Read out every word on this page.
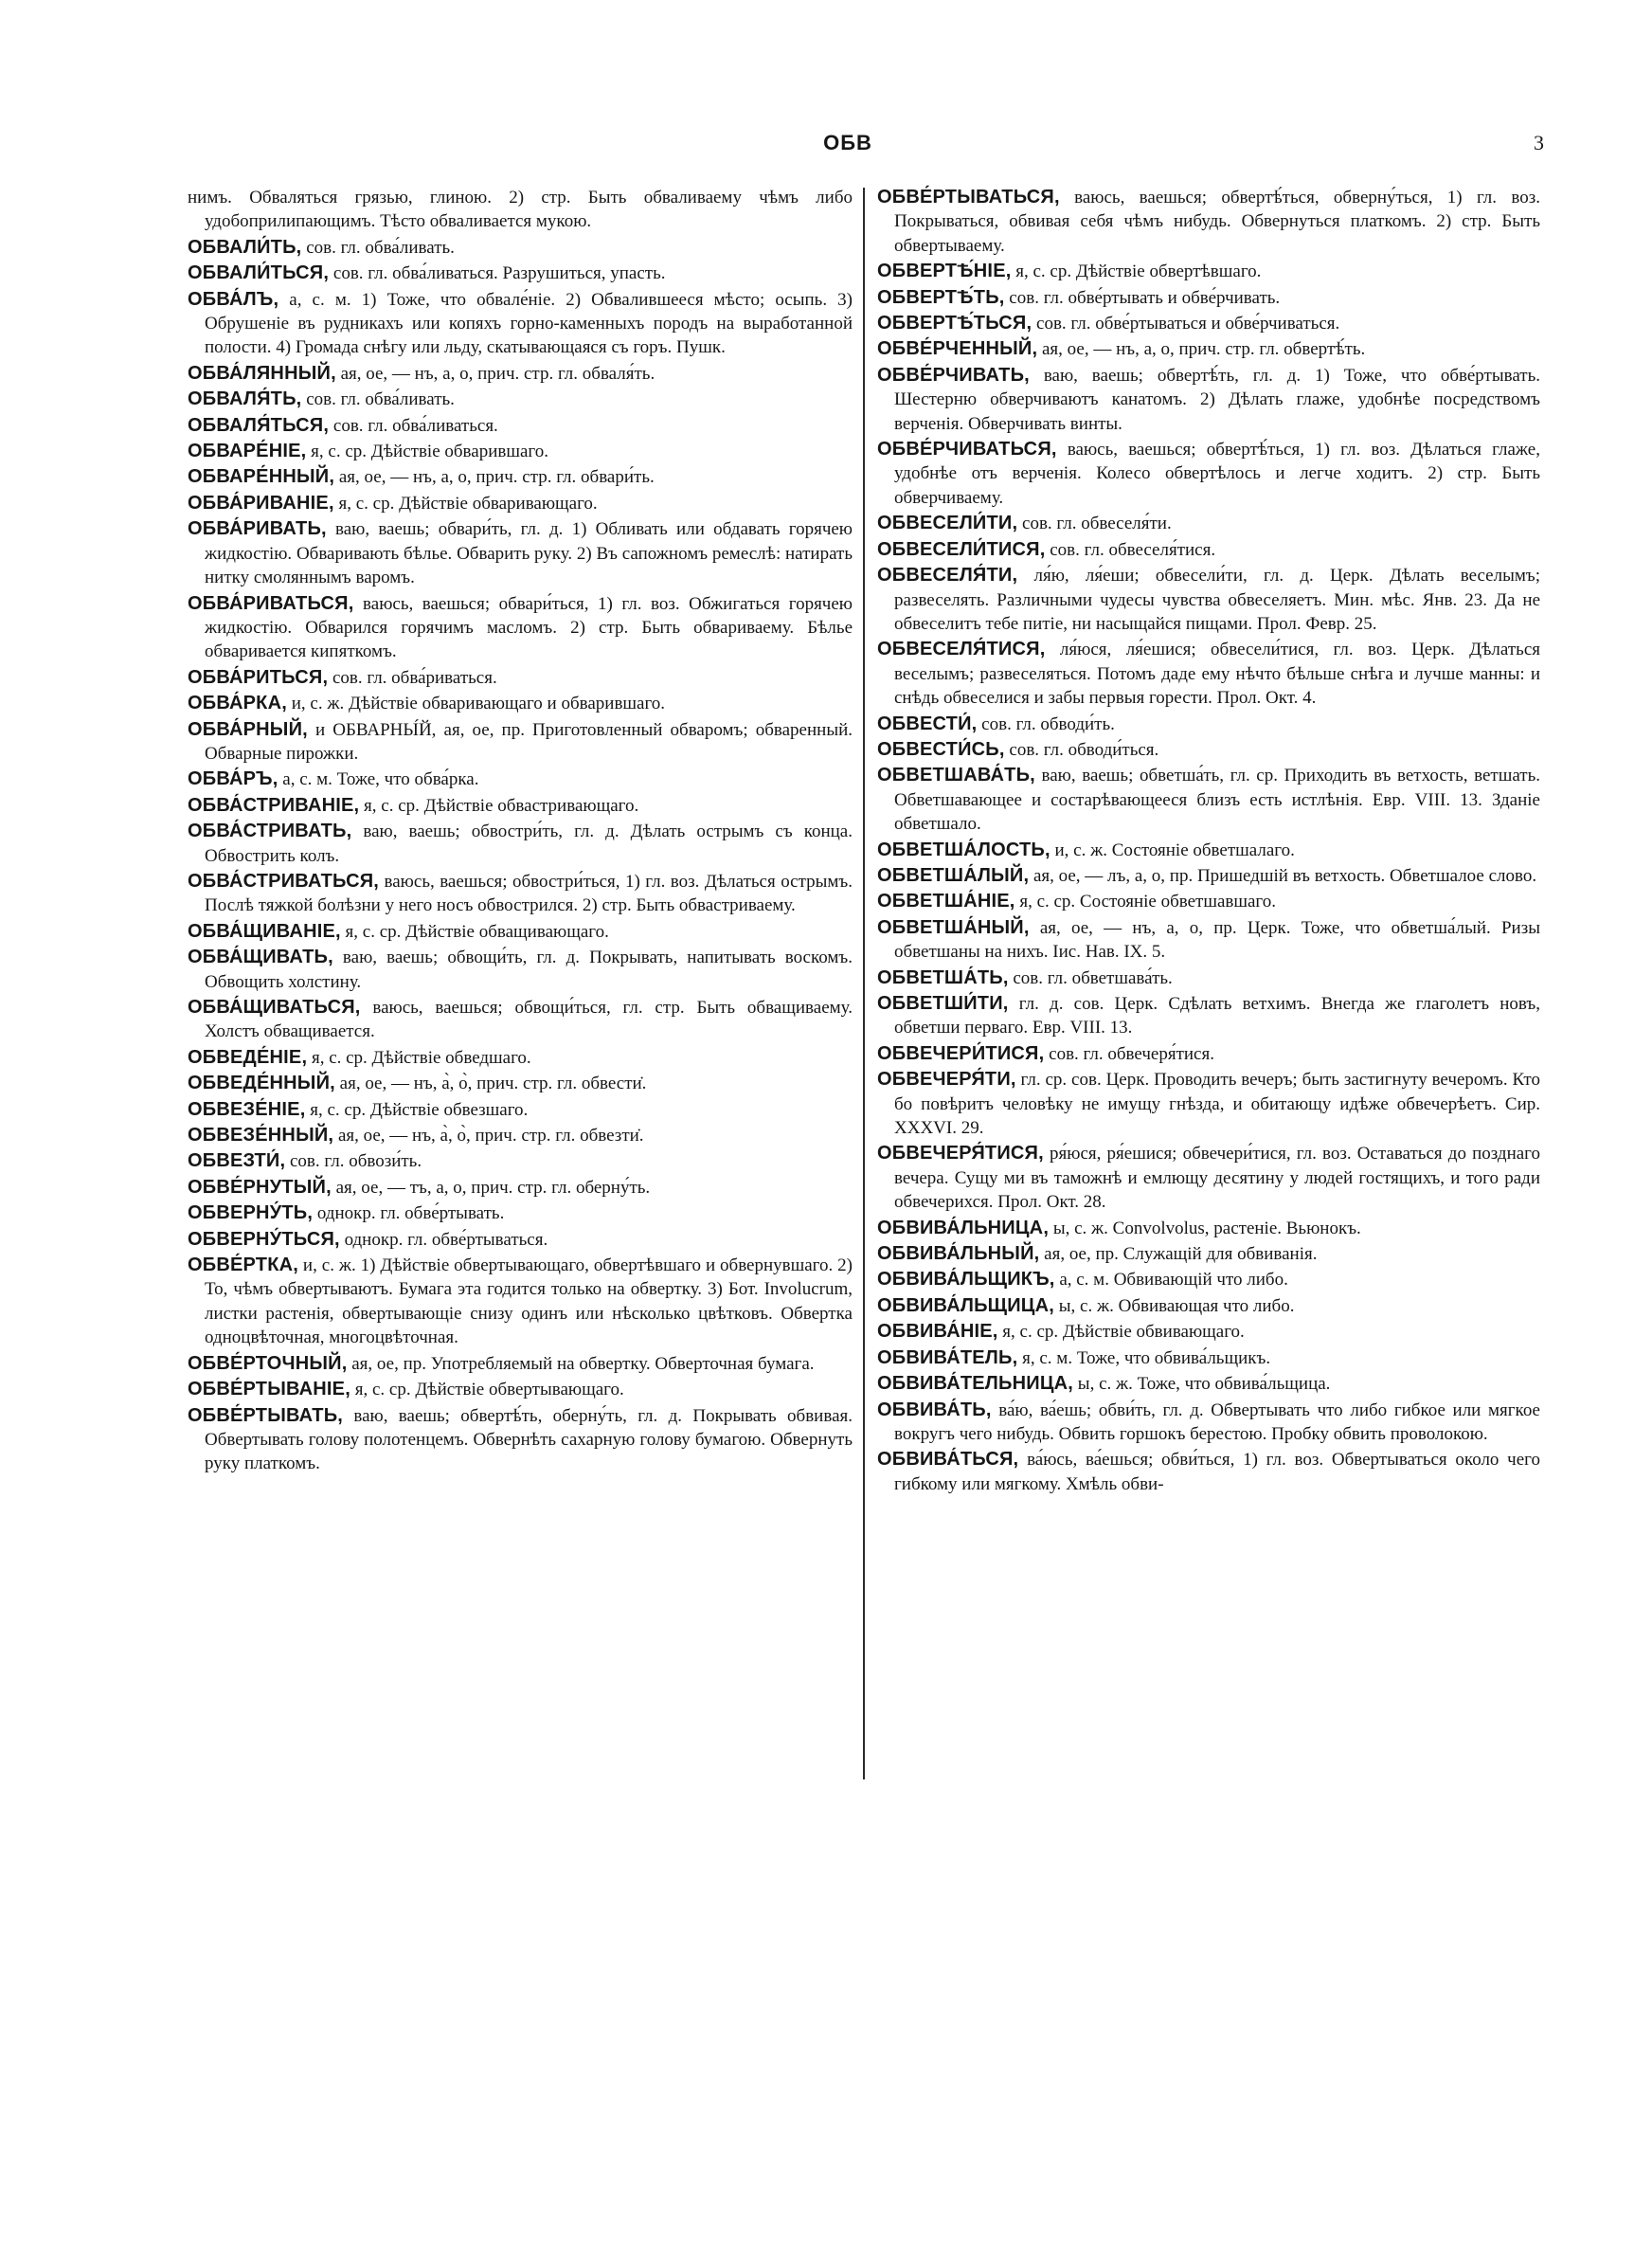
ОБВ	3

нимъ. Обваляться грязью, глиною. 2) стр. Быть обваливаему чѣмъ либо удобоприлипающимъ. Тѣсто обваливается мукою.

ОБВАЛИ́ТЬ, сов. гл. обва́ливать.

ОБВАЛИ́ТЬСЯ, сов. гл. обва́ливаться. Разрушиться, упасть.

ОБВА́ЛЪ, а, с. м. 1) Тоже, что обвале́ніе. 2) Обвалившееся мѣсто; осыпь. 3) Обрушеніе въ рудникахъ или копяхъ горно-каменныхъ породъ на выработанной полости. 4) Громада снѣгу или льду, скатывающаяся съ горъ. Пушк.

ОБВА́ЛЯННЫЙ, ая, ое, — нъ, а, о, прич. стр. гл. обваля́ть.

ОБВАЛЯ́ТЬ, сов. гл. обва́ливать.

ОБВАЛЯ́ТЬСЯ, сов. гл. обва́ливаться.

ОБВАРЕ́НІЕ, я, с. ср. Дѣйствіе обварившаго.

ОБВАРЕ́ННЫЙ, ая, ое, — нъ, а, о, прич. стр. гл. обвари́ть.

ОБВА́РИВАНІЕ, я, с. ср. Дѣйствіе обваривающаго.

ОБВА́РИВАТЬ, ваю, ваешь; обвари́ть, гл. д. 1) Обливать или обдавать горячею жидкостію. Обваривають бѣлье. Обварить руку. 2) Въ сапожномъ ремеслѣ: натирать нитку смоляннымъ варомъ.

ОБВА́РИВАТЬСЯ, ваюсь, ваешься; обвари́ться, 1) гл. воз. Обжигаться горячею жидкостію. Обварился горячимъ масломъ. 2) стр. Быть обвариваему. Бѣлье обваривается кипяткомъ.

ОБВА́РИТЬСЯ, сов. гл. обва́риваться.

ОБВА́РКА, и, с. ж. Дѣйствіе обваривающаго и обварившаго.

ОБВА́РНЫЙ, и ОБВАРНЫ́Й, ая, ое, пр. Приготовленный обваромъ; обваренный. Обварные пирожки.

ОБВА́РЪ, а, с. м. Тоже, что обва́рка.

ОБВА́СТРИВАНІЕ, я, с. ср. Дѣйствіе обвастривающаго.

ОБВА́СТРИВАТЬ, ваю, ваешь; обвостри́ть, гл. д. Дѣлать острымъ съ конца. Обвострить колъ.

ОБВА́СТРИВАТЬСЯ, ваюсь, ваешься; обвостри́ться, 1) гл. воз. Дѣлаться острымъ. Послѣ тяжкой болѣзни у него носъ обвострился. 2) стр. Быть обвастриваему.

ОБВА́ЩИВАНІЕ, я, с. ср. Дѣйствіе обващивающаго.

ОБВА́ЩИВАТЬ, ваю, ваешь; обвощи́ть, гл. д. Покрывать, напитывать воскомъ. Обвощить холстину.

ОБВА́ЩИВАТЬСЯ, ваюсь, ваешься; обвощи́ться, гл. стр. Быть обващиваему. Холстъ обващивается.

ОБВЕДЕ́НІЕ, я, с. ср. Дѣйствіе обведшаго.

ОБВЕДЕ́ННЫЙ, ая, ое, — нъ, а̀, о̀, прич. стр. гл. обвести̇.

ОБВЕЗЕ́НІЕ, я, с. ср. Дѣйствіе обвезшаго.

ОБВЕЗЕ́ННЫЙ, ая, ое, — нъ, а̀, о̀, прич. стр. гл. обвезти̇.

ОБВЕЗТИ́, сов. гл. обвози́ть.

ОБВЕ́РНУТЫЙ, ая, ое, — тъ, а, о, прич. стр. гл. оберну́ть.

ОБВЕРНУ́ТЬ, однокр. гл. обве́ртывать.

ОБВЕРНУ́ТЬСЯ, однокр. гл. обве́ртываться.

ОБВЕ́РТКА, и, с. ж. 1) Дѣйствіе обвертывающаго, обвертѣвшаго и обвернувшаго. 2) То, чѣмъ обвертываютъ. Бумага эта годится только на обвертку. 3) Бот. Involucrum, листки растенія, обвертывающіе снизу одинъ или нѣсколько цвѣтковъ. Обвертка одноцвѣточная, многоцвѣточная.

ОБВЕ́РТОЧНЫЙ, ая, ое, пр. Употребляемый на обвертку. Обверточная бумага.

ОБВЕ́РТЫВАНІЕ, я, с. ср. Дѣйствіе обвертывающаго.

ОБВЕ́РТЫВАТЬ, ваю, ваешь; обвертѣ́ть, оберну́ть, гл. д. Покрывать обвивая. Обвертывать голову полотенцемъ. Обвернѣть сахарную голову бумагою. Обвернуть руку платкомъ.

ОБВЕ́РТЫВАТЬСЯ, ваюсь, ваешься; обвертѣ́ться, обверну́ться, 1) гл. воз. Покрываться, обвивая себя чѣмъ нибудь. Обвернуться платкомъ. 2) стр. Быть обвертываему.

ОБВЕРТѢ́НІЕ, я, с. ср. Дѣйствіе обвертѣвшаго.

ОБВЕРТѢ́ТЬ, сов. гл. обве́ртывать и обве́рчивать.

ОБВЕРТѢ́ТЬСЯ, сов. гл. обве́ртываться и обве́рчиваться.

ОБВЕ́РЧЕННЫЙ, ая, ое, — нъ, а, о, прич. стр. гл. обвертѣ́ть.

ОБВЕ́РЧИВАТЬ, ваю, ваешь; обвертѣ́ть, гл. д. 1) Тоже, что обве́ртывать. Шестерню обверчиваютъ канатомъ. 2) Дѣлать глаже, удобнѣе посредствомъ верченія. Обверчивать винты.

ОБВЕ́РЧИВАТЬСЯ, ваюсь, ваешься; обвертѣ́ться, 1) гл. воз. Дѣлаться глаже, удобнѣе отъ верченія. Колесо обвертѣлось и легче ходитъ. 2) стр. Быть обверчиваему.

ОБВЕСЕЛИ́ТИ, сов. гл. обвеселя́ти.

ОБВЕСЕЛИ́ТИСЯ, сов. гл. обвеселя́тися.

ОБВЕСЕЛЯ́ТИ, ля́ю, ля́еши; обвесели́ти, гл. д. Церк. Дѣлать веселымъ; развеселять. Различными чудесы чувства обвеселяетъ. Мин. мѣс. Янв. 23. Да не обвеселитъ тебе питіе, ни насыщайся пищами. Прол. Февр. 25.

ОБВЕСЕЛЯ́ТИСЯ, ля́юся, ля́ешися; обвесели́тися, гл. воз. Церк. Дѣлаться веселымъ; развеселяться. Потомъ даде ему нѣчто бѣльше снѣга и лучше манны: и снѣдь обвеселися и забы первыя горести. Прол. Окт. 4.

ОБВЕСТИ́, сов. гл. обводи́ть.

ОБВЕСТИ́СЬ, сов. гл. обводи́ться.

ОБВЕТШАВА́ТЬ, ваю, ваешь; обветша́ть, гл. ср. Приходить въ ветхость, ветшать. Обветшавающее и состарѣвающееся близъ есть истлѣнія. Евр. VIII. 13. Зданіе обветшало.

ОБВЕТША́ЛОСТЬ, и, с. ж. Состояніе обветшалаго.

ОБВЕТША́ЛЫЙ, ая, ое, — лъ, а, о, пр. Пришедшій въ ветхость. Обветшалое слово.

ОБВЕТША́НІЕ, я, с. ср. Состояніе обветшавшаго.

ОБВЕТША́НЫЙ, ая, ое, — нъ, а, о, пр. Церк. Тоже, что обветша́лый. Ризы обветшаны на нихъ. Іис. Нав. IX. 5.

ОБВЕТША́ТЬ, сов. гл. обветшава́ть.

ОБВЕТШИ́ТИ, гл. д. сов. Церк. Сдѣлать ветхимъ. Внегда же глаголетъ новъ, обветши перваго. Евр. VIII. 13.

ОБВЕЧЕРИ́ТИСЯ, сов. гл. обвечеря́тися.

ОБВЕЧЕРЯ́ТИ, гл. ср. сов. Церк. Проводить вечеръ; быть застигнуту вечеромъ. Кто бо повѣритъ человѣку не имущу гнѣзда, и обитающу идѣже обвечерѣетъ. Сир. XXXVI. 29.

ОБВЕЧЕРЯ́ТИСЯ, ря́юся, ря́ешися; обвечери́тися, гл. воз. Оставаться до позднаго вечера. Сущу ми въ таможнѣ и емлющу десятину у людей гостящихъ, и того ради обвечерихся. Прол. Окт. 28.

ОБВИВА́ЛЬНИЦА, ы, с. ж. Convolvolus, растеніе. Вьюнокъ.

ОБВИВА́ЛЬНЫЙ, ая, ое, пр. Служащій для обвиванія.

ОБВИВА́ЛЬЩИКЪ, а, с. м. Обвивающій что либо.

ОБВИВА́ЛЬЩИЦА, ы, с. ж. Обвивающая что либо.

ОБВИВА́НІЕ, я, с. ср. Дѣйствіе обвивающаго.

ОБВИВА́ТЕЛЬ, я, с. м. Тоже, что обвива́льщикъ.

ОБВИВА́ТЕЛЬНИЦА, ы, с. ж. Тоже, что обвива́льщица.

ОБВИВА́ТЬ, ва́ю, ва́ешь; обви́ть, гл. д. Обвертывать что либо гибкое или мягкое вокругъ чего нибудь. Обвить горшокъ берестою. Пробку обвить проволокою.

ОБВИВА́ТЬСЯ, ва́юсь, ва́ешься; обви́ться, 1) гл. воз. Обвертываться около чего гибкому или мягкому. Хмѣль обви-
